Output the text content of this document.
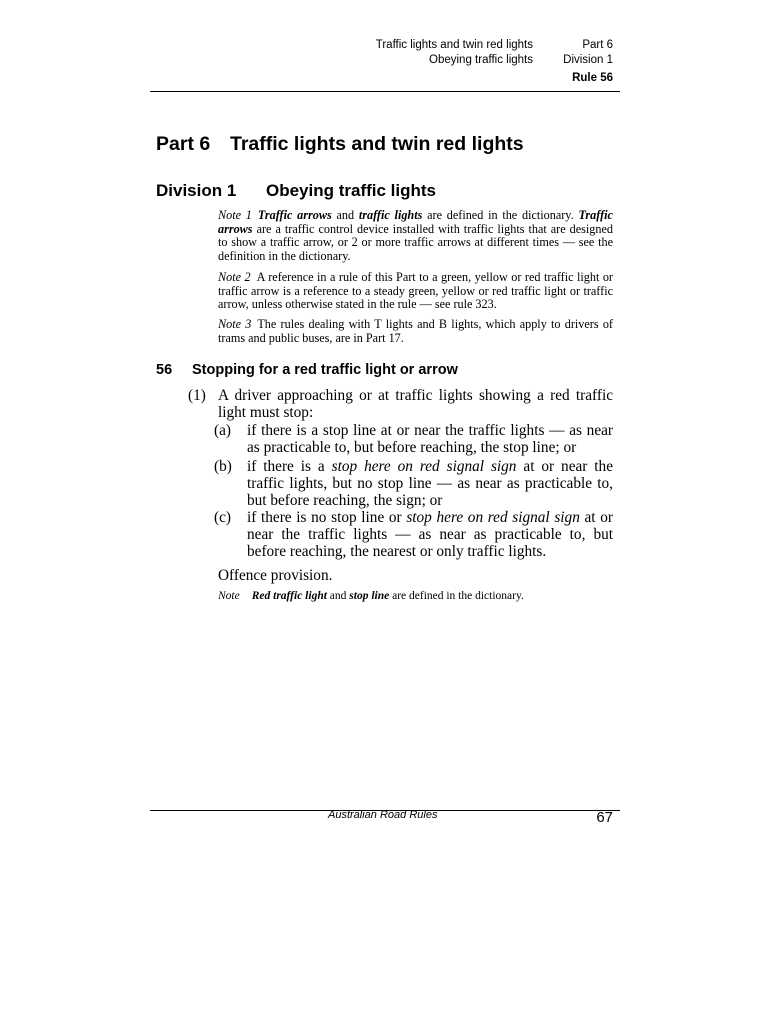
Traffic lights and twin red lights	Part 6
Obeying traffic lights	Division 1
Rule 56
Part 6 Traffic lights and twin red lights
Division 1 Obeying traffic lights
Note 1 Traffic arrows and traffic lights are defined in the dictionary. Traffic arrows are a traffic control device installed with traffic lights that are designed to show a traffic arrow, or 2 or more traffic arrows at different times — see the definition in the dictionary.
Note 2 A reference in a rule of this Part to a green, yellow or red traffic light or traffic arrow is a reference to a steady green, yellow or red traffic light or traffic arrow, unless otherwise stated in the rule — see rule 323.
Note 3 The rules dealing with T lights and B lights, which apply to drivers of trams and public buses, are in Part 17.
56 Stopping for a red traffic light or arrow
(1) A driver approaching or at traffic lights showing a red traffic light must stop:
(a) if there is a stop line at or near the traffic lights — as near as practicable to, but before reaching, the stop line; or
(b) if there is a stop here on red signal sign at or near the traffic lights, but no stop line — as near as practicable to, but before reaching, the sign; or
(c) if there is no stop line or stop here on red signal sign at or near the traffic lights — as near as practicable to, but before reaching, the nearest or only traffic lights.
Offence provision.
Note Red traffic light and stop line are defined in the dictionary.
Australian Road Rules	67
